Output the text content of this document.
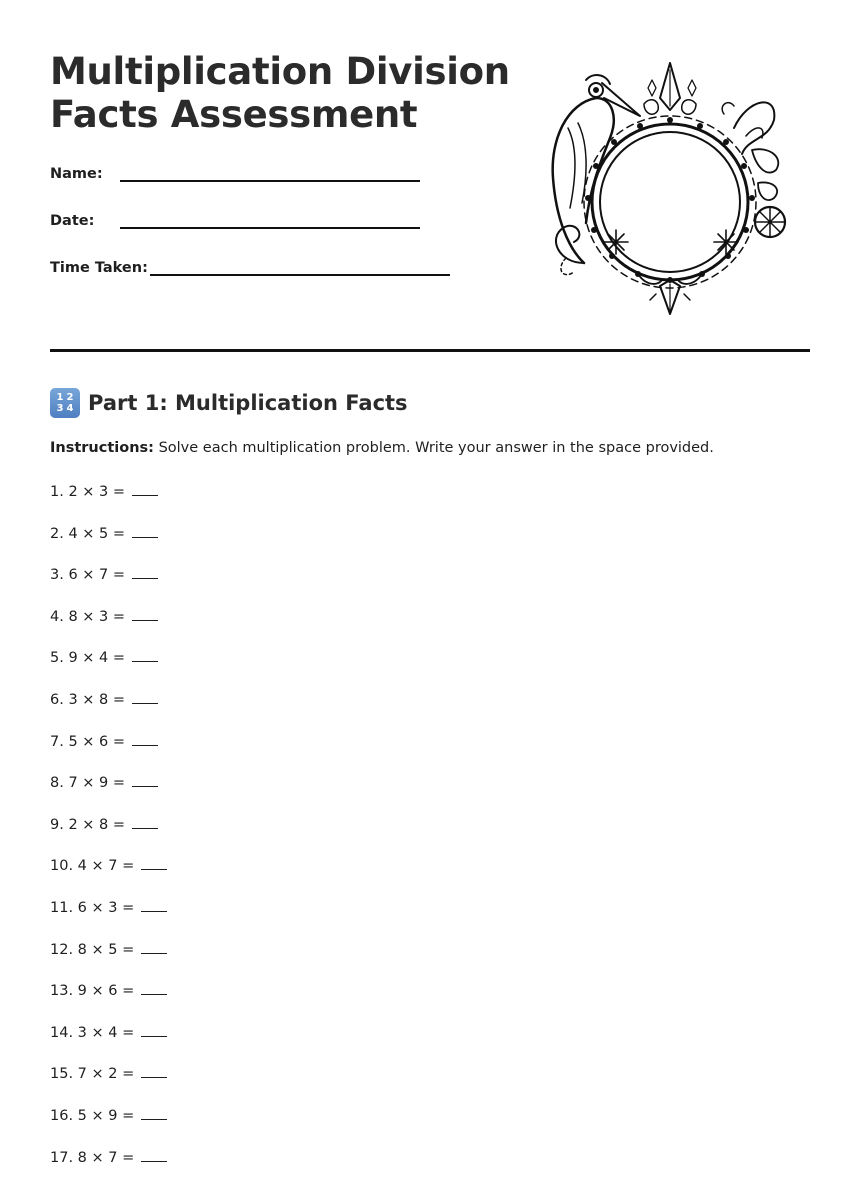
Multiplication Division
Facts Assessment
Name:
Date:
Time Taken:
1 2
3 4 Part 1: Multiplication Facts
Instructions: Solve each multiplication problem. Write your answer in the space provided.
1. 2 × 3 =
2. 4 × 5 =
3. 6 × 7 =
4. 8 × 3 =
5. 9 × 4 =
6. 3 × 8 =
7. 5 × 6 =
8. 7 × 9 =
9. 2 × 8 =
10. 4 × 7 =
11. 6 × 3 =
12. 8 × 5 =
13. 9 × 6 =
14. 3 × 4 =
15. 7 × 2 =
16. 5 × 9 =
17. 8 × 7 =
